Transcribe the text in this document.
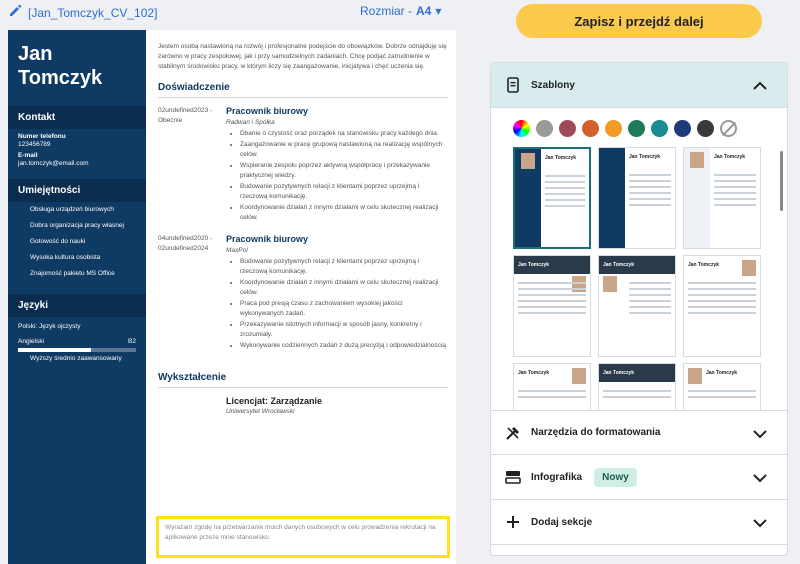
[Jan_Tomczyk_CV_102]	Rozmiar - A4 ▾
Jan
Tomczyk
Kontakt
Numer telefonu
123456789
E-mail
jan.tomczyk@email.com
Umiejętności
Obsługa urządzeń biurowych
Dobra organizacja pracy własnej
Gotowość do nauki
Wysoka kultura osobista
Znajomość pakietu MS Office
Języki
Polski: Język ojczysty
Angielski	B2
Wyższy średnio zaawansowany
Jestem osobą nastawioną na rozwój i profesjonalne podejście do obowiązków. Dobrze odnajduję się zarówno w pracy zespołowej, jak i przy samodzielnych zadaniach. Chcę podjąć zatrudnienie w stabilnym środowisku pracy, w którym liczy się zaangażowanie, inicjatywa i chęć uczenia się.
Doświadczenie
02undefined2023 - Obecnie
Pracownik biurowy
Radwan i Spółka
• Dbanie o czystość oraz porządek na stanowisku pracy każdego dnia.
• Zaangażowanie w pracę grupową nastawioną na realizację wspólnych celów.
• Wspieranie zespołu poprzez aktywną współpracę i przekazywanie praktycznej wiedzy.
• Budowanie pozytywnych relacji z klientami poprzez uprzejmą i rzeczową komunikację.
• Koordynowanie działań z innymi działami w celu skutecznej realizacji celów.
04undefined2020 - 02undefined2024
Pracownik biurowy
MaxPol
• Budowanie pozytywnych relacji z klientami poprzez uprzejmą i rzeczową komunikację.
• Koordynowanie działań z innymi działami w celu skutecznej realizacji celów.
• Praca pod presją czasu z zachowaniem wysokiej jakości wykonywanych zadań.
• Przekazywanie istotnych informacji w sposób jasny, konkretny i zrozumiały.
• Wykonywanie codziennych zadań z dużą precyzją i odpowiedzialnością.
Wykształcenie
Licencjat: Zarządzanie
Uniwersytet Wrocławski
Wyrażam zgodę na przetwarzanie moich danych osobowych w celu prowadzenia rekrutacji na aplikowane przeze mnie stanowisko.
Zapisz i przejdź dalej
Szablony
Jan Tomczyk	Jan Tomczyk	Jan Tomczyk
Jan Tomczyk	Jan Tomczyk	Jan Tomczyk
Jan Tomczyk	Jan Tomczyk	Jan Tomczyk
Narzędzia do formatowania
Infografika	Nowy
Dodaj sekcje
